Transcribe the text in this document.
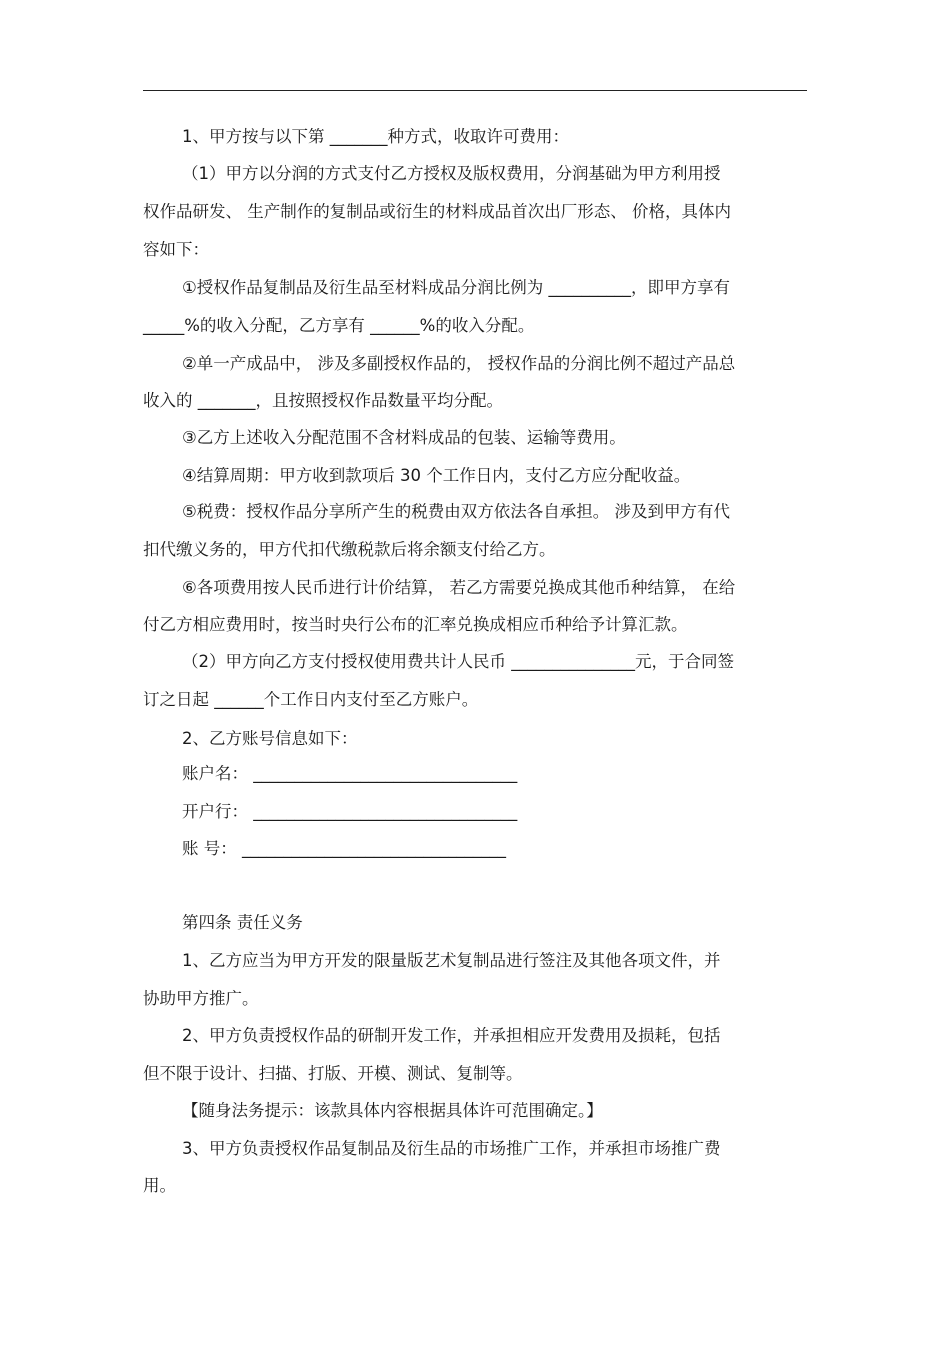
1、甲方按与以下第 _______种方式，收取许可费用：
（1）甲方以分润的方式支付乙方授权及版权费用，分润基础为甲方利用授
权作品研发、 生产制作的复制品或衍生的材料成品首次出厂形态、 价格，具体内
容如下：
①授权作品复制品及衍生品至材料成品分润比例为 __________，即甲方享有
_____%的收入分配，乙方享有 ______%的收入分配。
②单一产成品中， 涉及多副授权作品的， 授权作品的分润比例不超过产品总
收入的 _______，且按照授权作品数量平均分配。
③乙方上述收入分配范围不含材料成品的包装、运输等费用。
④结算周期：甲方收到款项后 30 个工作日内，支付乙方应分配收益。
⑤税费：授权作品分享所产生的税费由双方依法各自承担。 涉及到甲方有代
扣代缴义务的，甲方代扣代缴税款后将余额支付给乙方。
⑥各项费用按人民币进行计价结算， 若乙方需要兑换成其他币种结算， 在给
付乙方相应费用时，按当时央行公布的汇率兑换成相应币种给予计算汇款。
（2）甲方向乙方支付授权使用费共计人民币 _______________元，于合同签
订之日起 ______个工作日内支付至乙方账户。
2、乙方账号信息如下：
账户名： ________________________________
开户行： ________________________________
账 号： ________________________________
第四条 责任义务
1、乙方应当为甲方开发的限量版艺术复制品进行签注及其他各项文件，并
协助甲方推广。
2、甲方负责授权作品的研制开发工作，并承担相应开发费用及损耗，包括
但不限于设计、扫描、打版、开模、测试、复制等。
【随身法务提示：该款具体内容根据具体许可范围确定。】
3、甲方负责授权作品复制品及衍生品的市场推广工作，并承担市场推广费
用。
